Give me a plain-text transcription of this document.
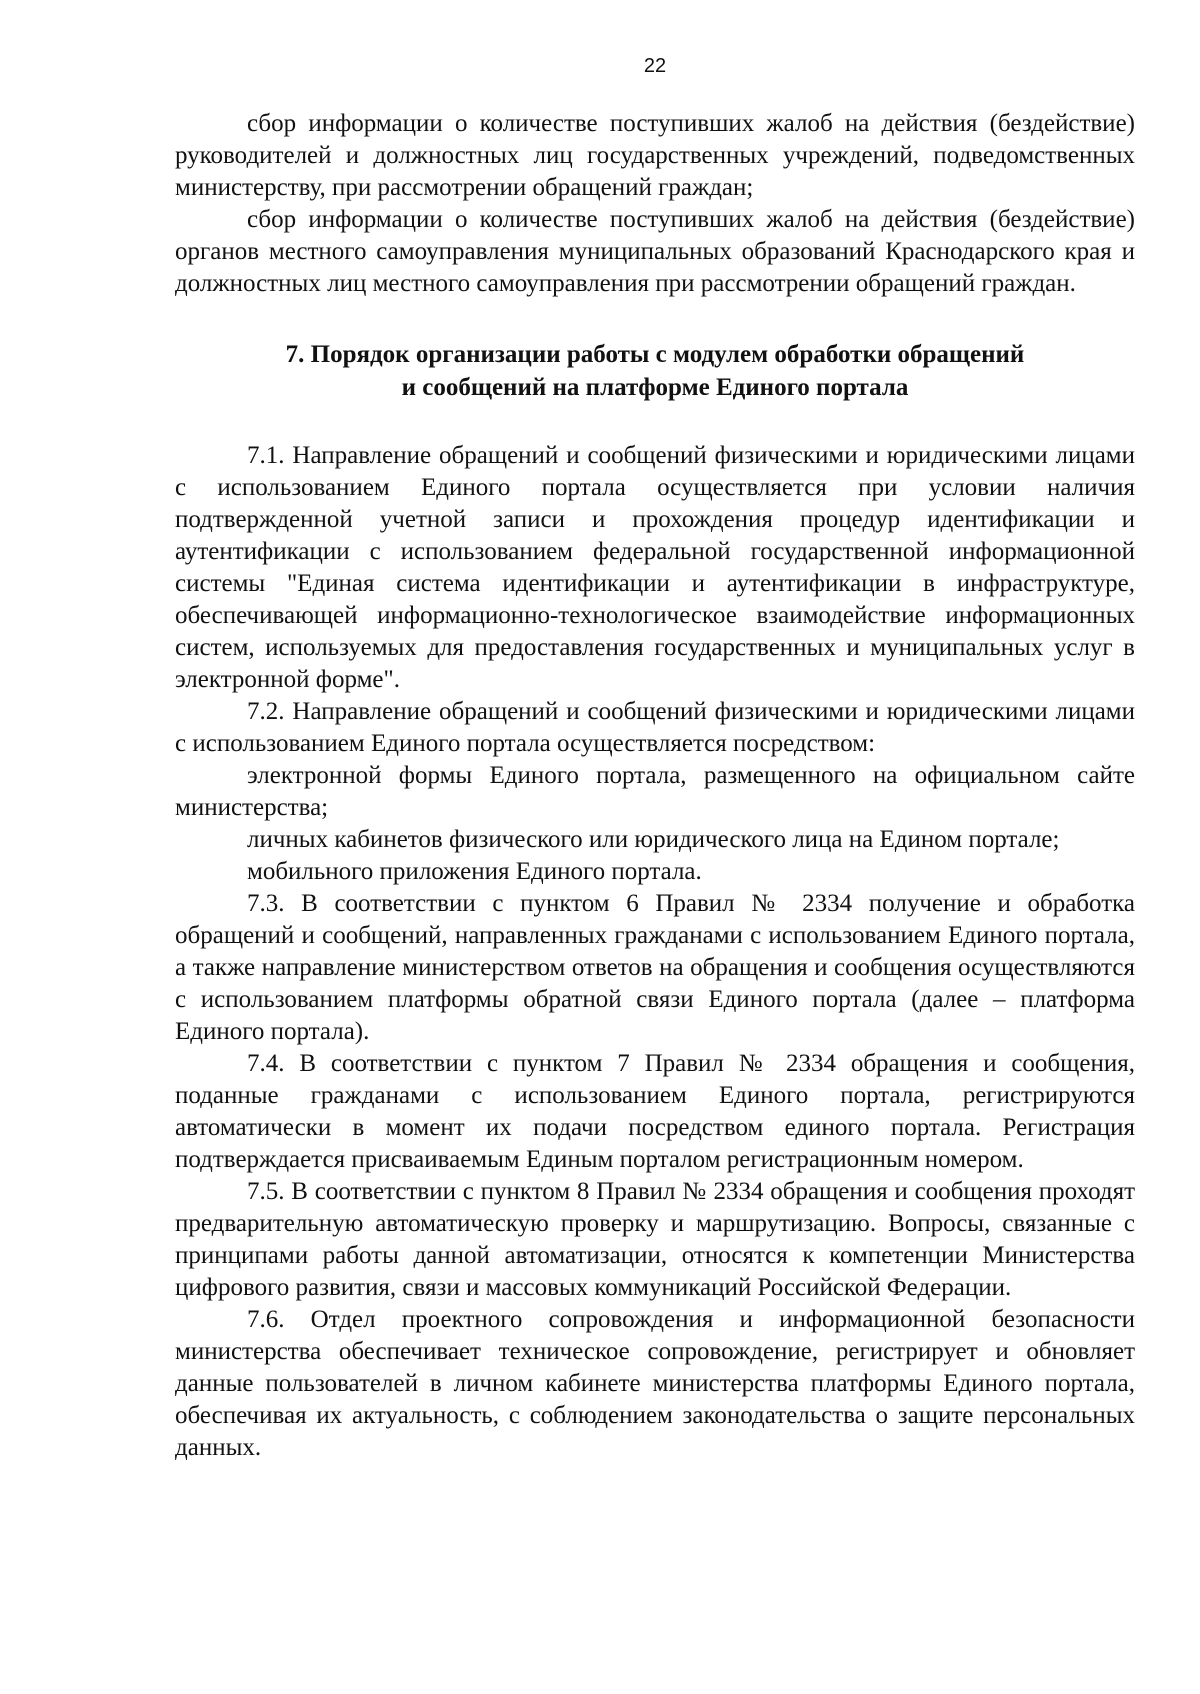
22

сбор информации о количестве поступивших жалоб на действия (бездействие) руководителей и должностных лиц государственных учреждений, подведомственных министерству, при рассмотрении обращений граждан;

сбор информации о количестве поступивших жалоб на действия (бездействие) органов местного самоуправления муниципальных образований Краснодарского края и должностных лиц местного самоуправления при рассмотрении обращений граждан.

7. Порядок организации работы с модулем обработки обращений
и сообщений на платформе Единого портала

7.1. Направление обращений и сообщений физическими и юридическими лицами с использованием Единого портала осуществляется при условии наличия подтвержденной учетной записи и прохождения процедур идентификации и аутентификации с использованием федеральной государственной информационной системы "Единая система идентификации и аутентификации в инфраструктуре, обеспечивающей информационно-технологическое взаимодействие информационных систем, используемых для предоставления государственных и муниципальных услуг в электронной форме".

7.2. Направление обращений и сообщений физическими и юридическими лицами с использованием Единого портала осуществляется посредством:

электронной формы Единого портала, размещенного на официальном сайте министерства;

личных кабинетов физического или юридического лица на Едином портале;

мобильного приложения Единого портала.

7.3. В соответствии с пунктом 6 Правил № 2334 получение и обработка обращений и сообщений, направленных гражданами с использованием Единого портала, а также направление министерством ответов на обращения и сообщения осуществляются с использованием платформы обратной связи Единого портала (далее – платформа Единого портала).

7.4. В соответствии с пунктом 7 Правил № 2334 обращения и сообщения, поданные гражданами с использованием Единого портала, регистрируются автоматически в момент их подачи посредством единого портала. Регистрация подтверждается присваиваемым Единым порталом регистрационным номером.

7.5. В соответствии с пунктом 8 Правил № 2334 обращения и сообщения проходят предварительную автоматическую проверку и маршрутизацию. Вопросы, связанные с принципами работы данной автоматизации, относятся к компетенции Министерства цифрового развития, связи и массовых коммуникаций Российской Федерации.

7.6. Отдел проектного сопровождения и информационной безопасности министерства обеспечивает техническое сопровождение, регистрирует и обновляет данные пользователей в личном кабинете министерства платформы Единого портала, обеспечивая их актуальность, с соблюдением законодательства о защите персональных данных.
